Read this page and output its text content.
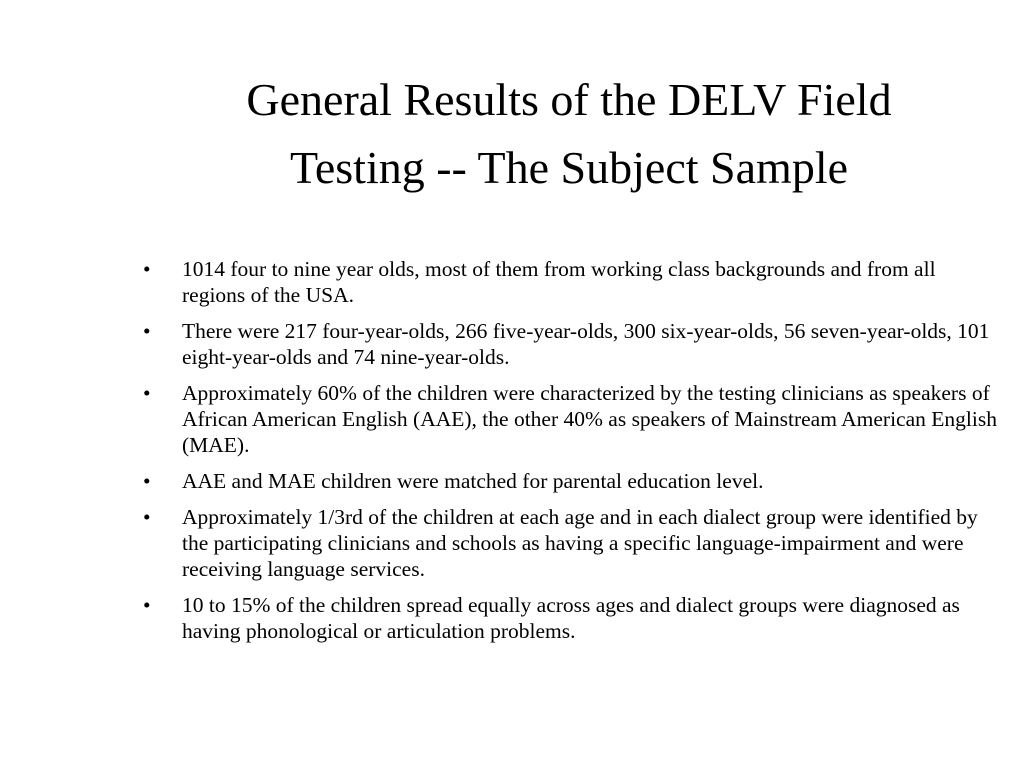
General Results of the DELV Field
Testing -- The Subject Sample
•	1014 four to nine year olds, most of them from working class backgrounds and from all regions of the USA.
•	There were 217 four-year-olds, 266 five-year-olds, 300 six-year-olds, 56 seven-year-olds, 101 eight-year-olds and 74 nine-year-olds.
•	Approximately 60% of the children were characterized by the testing clinicians as speakers of African American English (AAE), the other 40% as speakers of Mainstream American English (MAE).
•	AAE and MAE children were matched for parental education level.
•	Approximately 1/3rd of the children at each age and in each dialect group were identified by the participating clinicians and schools as having a specific language-impairment and were receiving language services.
•	10 to 15% of the children spread equally across ages and dialect groups were diagnosed as having phonological or articulation problems.
